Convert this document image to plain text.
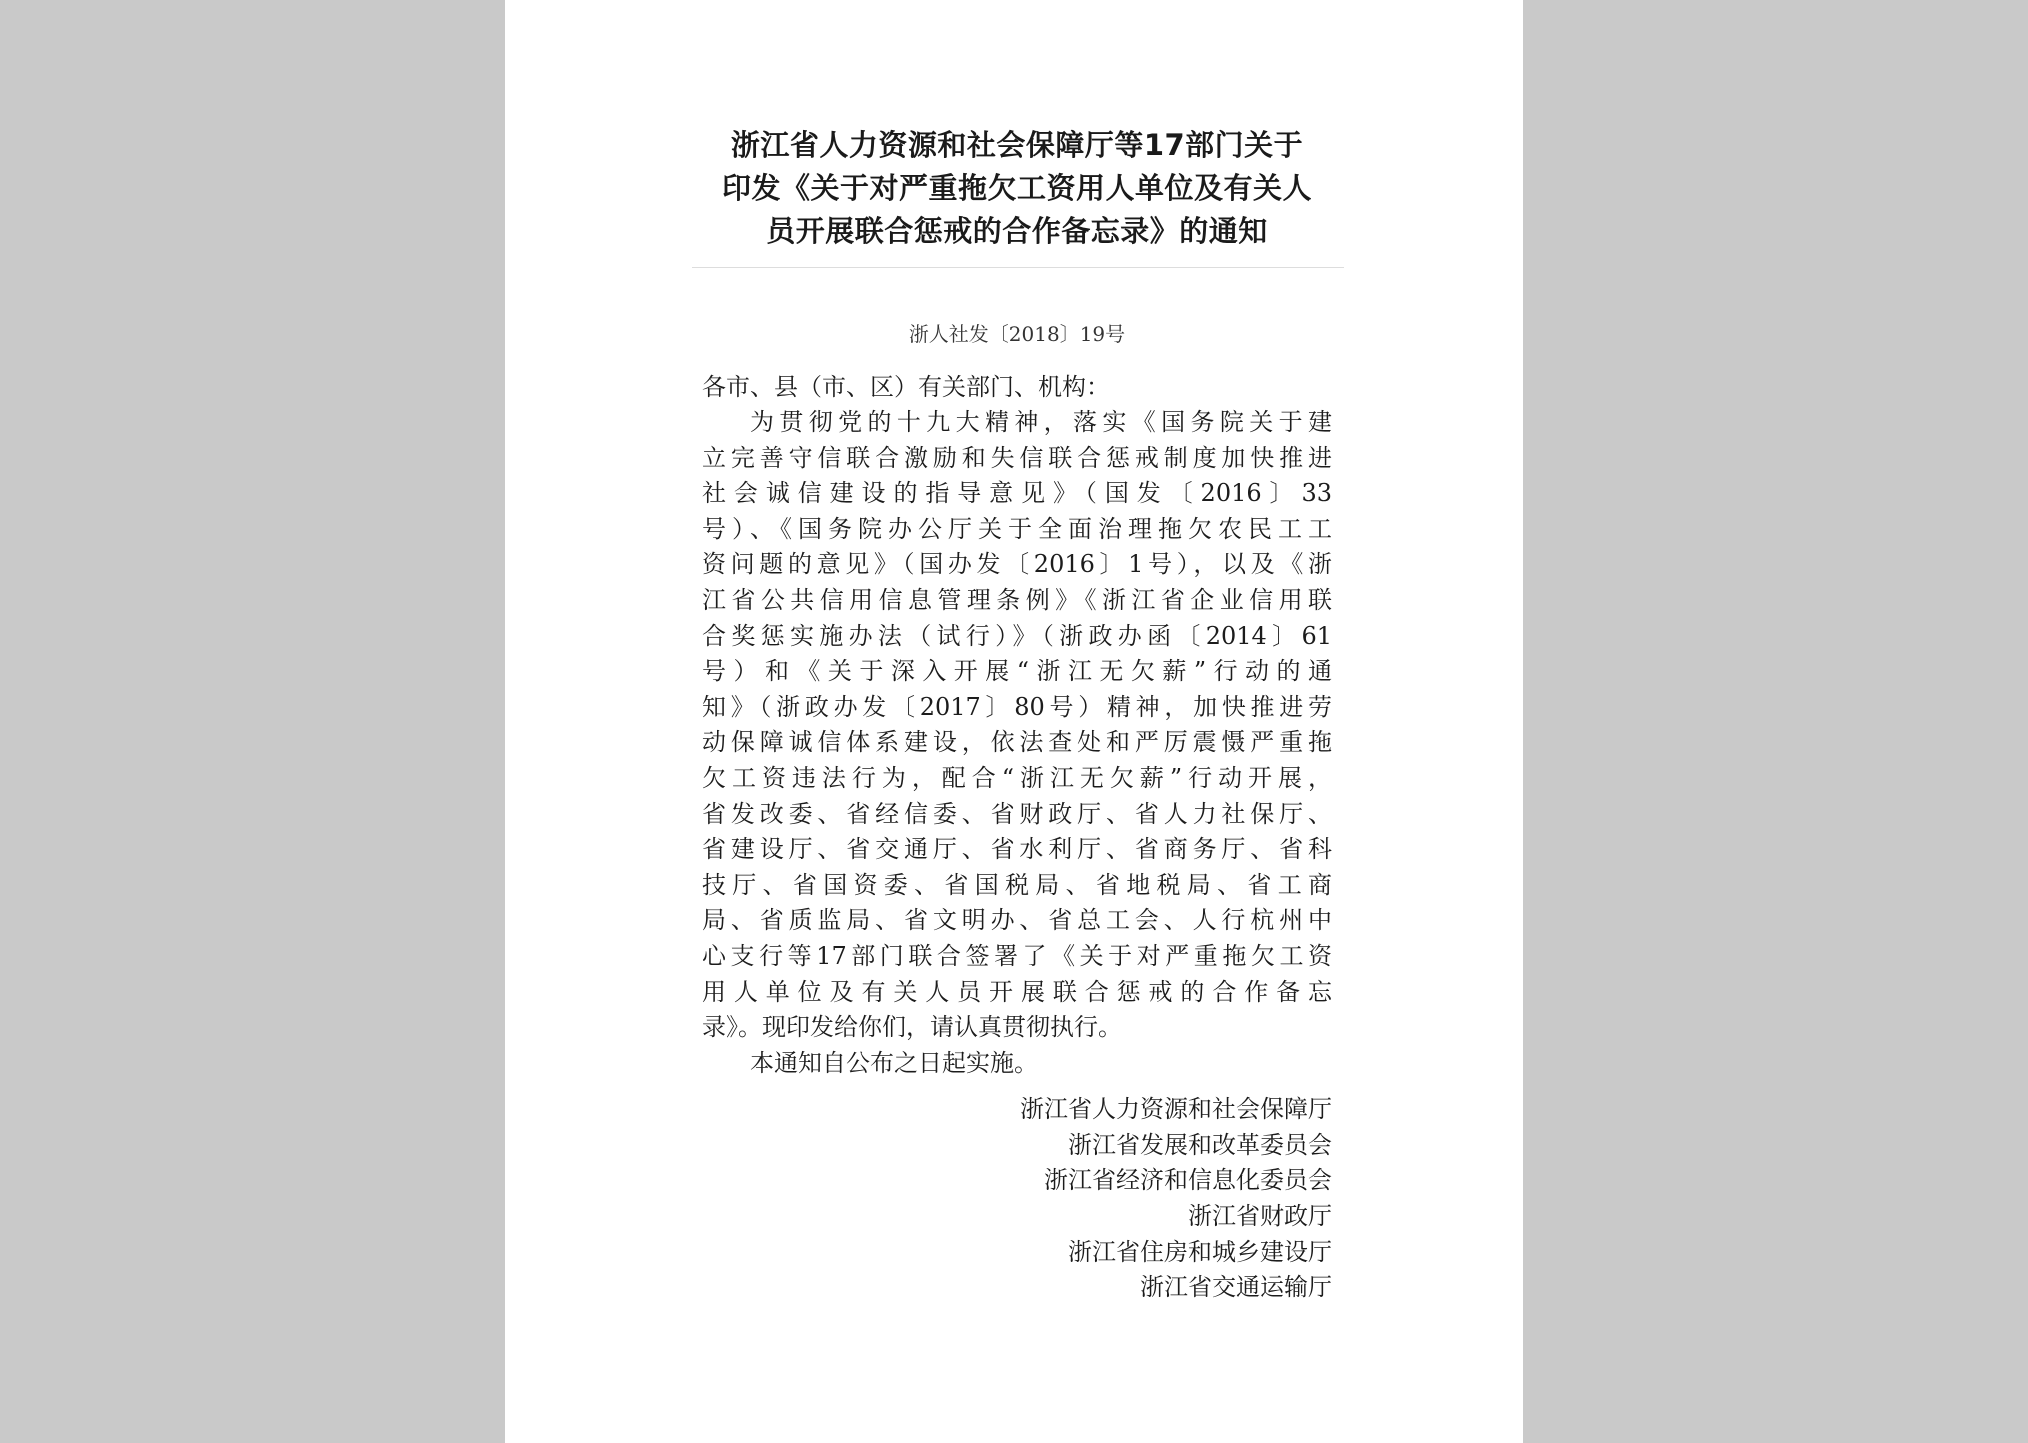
浙江省人力资源和社会保障厅等17部门关于
印发《关于对严重拖欠工资用人单位及有关人
员开展联合惩戒的合作备忘录》的通知
浙人社发〔2018〕19号
各市、县（市、区）有关部门、机构：
为贯彻党的十九大精神，落实《国务院关于建
立完善守信联合激励和失信联合惩戒制度加快推进
社会诚信建设的指导意见》（国发〔2016〕33
号）、《国务院办公厅关于全面治理拖欠农民工工
资问题的意见》（国办发〔2016〕1号），以及《浙
江省公共信用信息管理条例》《浙江省企业信用联
合奖惩实施办法（试行）》（浙政办函〔2014〕61
号）和《关于深入开展“浙江无欠薪”行动的通
知》（浙政办发〔2017〕80号）精神，加快推进劳
动保障诚信体系建设，依法查处和严厉震慑严重拖
欠工资违法行为，配合“浙江无欠薪”行动开展，
省发改委、省经信委、省财政厅、省人力社保厅、
省建设厅、省交通厅、省水利厅、省商务厅、省科
技厅、省国资委、省国税局、省地税局、省工商
局、省质监局、省文明办、省总工会、人行杭州中
心支行等17部门联合签署了《关于对严重拖欠工资
用人单位及有关人员开展联合惩戒的合作备忘
录》。现印发给你们，请认真贯彻执行。
本通知自公布之日起实施。
浙江省人力资源和社会保障厅
浙江省发展和改革委员会
浙江省经济和信息化委员会
浙江省财政厅
浙江省住房和城乡建设厅
浙江省交通运输厅
